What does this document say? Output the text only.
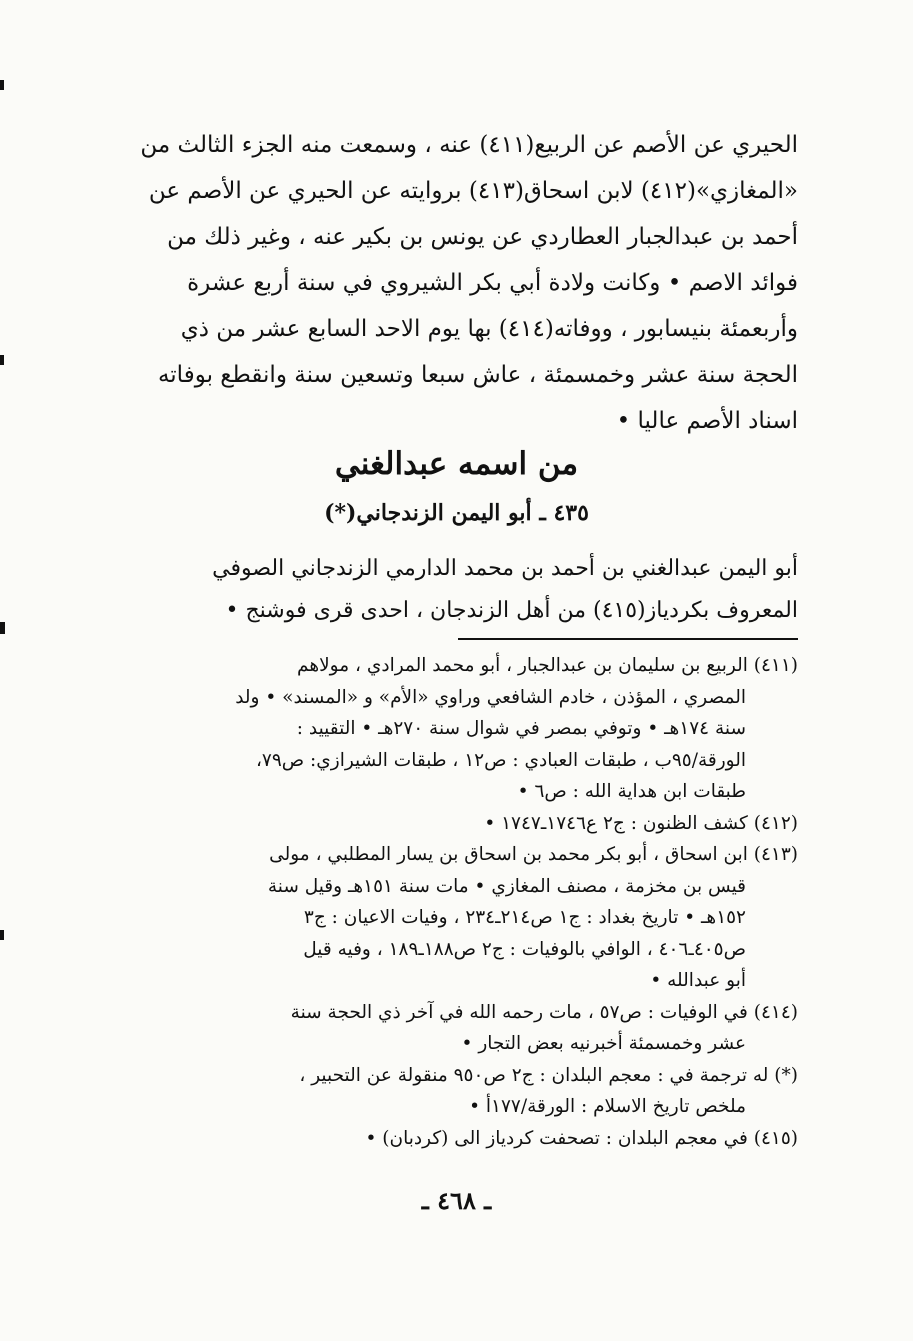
الحيري عن الأصم عن الربيع(٤١١) عنه ، وسمعت منه الجزء الثالث من
«المغازي»(٤١٢) لابن اسحاق(٤١٣) بروايته عن الحيري عن الأصم عن
أحمد بن عبدالجبار العطاردي عن يونس بن بكير عنه ، وغير ذلك من
فوائد الاصم • وكانت ولادة أبي بكر الشيروي في سنة أربع عشرة
وأربعمئة بنيسابور ، ووفاته(٤١٤) بها يوم الاحد السابع عشر من ذي
الحجة سنة عشر وخمسمئة ، عاش سبعا وتسعين سنة وانقطع بوفاته
اسناد الأصم عاليا •
من اسمه عبدالغني
٤٣٥ ـ أبو اليمن الزندجاني(*)
أبو اليمن عبدالغني بن أحمد بن محمد الدارمي الزندجاني الصوفي
المعروف بكردياز(٤١٥) من أهل الزندجان ، احدى قرى فوشنج •
(٤١١) الربيع بن سليمان بن عبدالجبار ، أبو محمد المرادي ، مولاهم
المصري ، المؤذن ، خادم الشافعي وراوي «الأم» و «المسند» • ولد
سنة ١٧٤هـ • وتوفي بمصر في شوال سنة ٢٧٠هـ • التقييد :
الورقة/٩٥ب ، طبقات العبادي : ص١٢ ، طبقات الشيرازي: ص٧٩،
طبقات ابن هداية الله : ص٦ •
(٤١٢) كشف الظنون : ج٢ ع١٧٤٦ـ١٧٤٧ •
(٤١٣) ابن اسحاق ، أبو بكر محمد بن اسحاق بن يسار المطلبي ، مولى
قيس بن مخزمة ، مصنف المغازي • مات سنة ١٥١هـ وقيل سنة
١٥٢هـ • تاريخ بغداد : ج١ ص٢١٤ـ٢٣٤ ، وفيات الاعيان : ج٣
ص٤٠٥ـ٤٠٦ ، الوافي بالوفيات : ج٢ ص١٨٨ـ١٨٩ ، وفيه قيل
أبو عبدالله •
(٤١٤) في الوفيات : ص٥٧ ، مات رحمه الله في آخر ذي الحجة سنة
عشر وخمسمئة أخبرنيه بعض التجار •
(*) له ترجمة في : معجم البلدان : ج٢ ص٩٥٠ منقولة عن التحبير ،
ملخص تاريخ الاسلام : الورقة/١٧٧أ •
(٤١٥) في معجم البلدان : تصحفت كردياز الى (كردبان) •
ـ ٤٦٨ ـ
